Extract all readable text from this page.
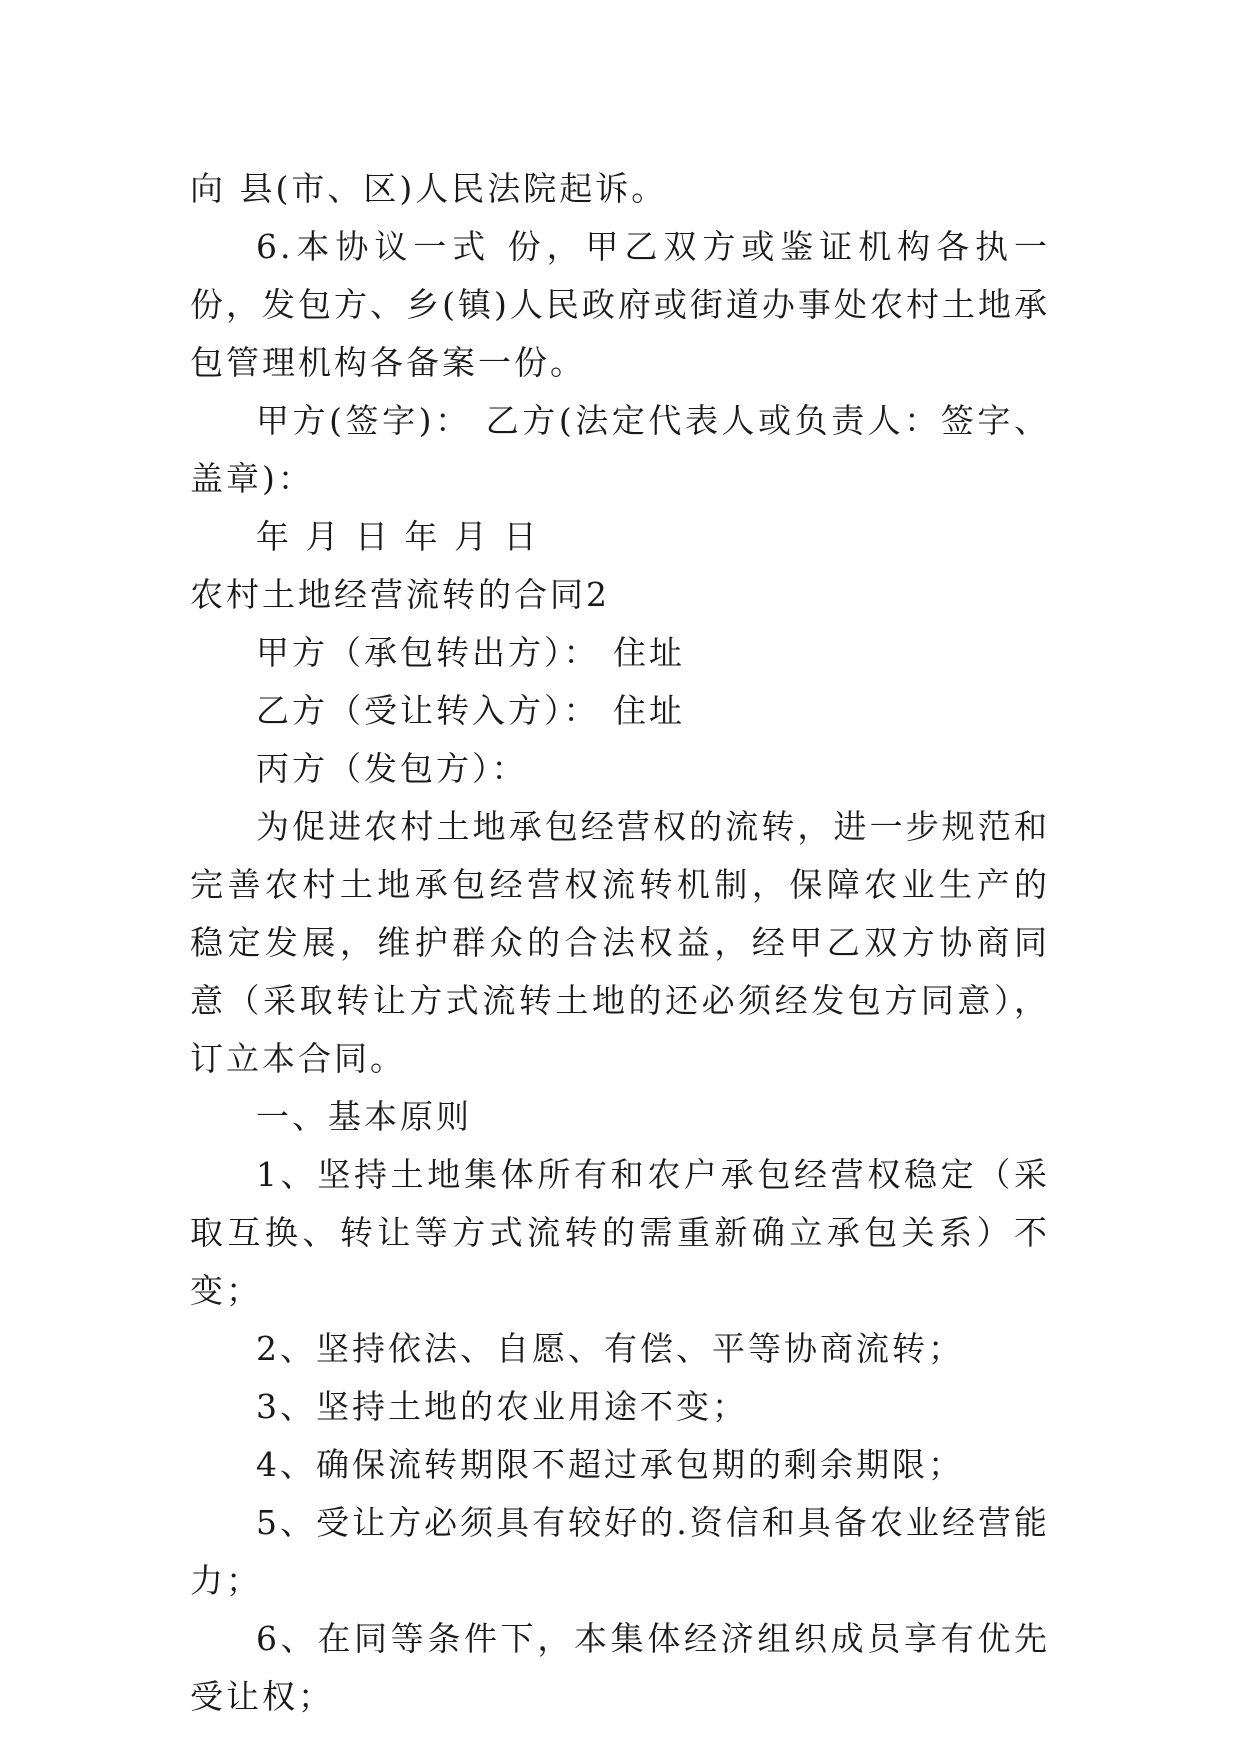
向 县(市、区)人民法院起诉。

6.本协议一式 份，甲乙双方或鉴证机构各执一份，发包方、乡(镇)人民政府或街道办事处农村土地承包管理机构各备案一份。

甲方(签字)： 乙方(法定代表人或负责人：签字、盖章)：

年 月 日 年 月 日

农村土地经营流转的合同2

甲方（承包转出方）： 住址

乙方（受让转入方）： 住址

丙方（发包方）：

为促进农村土地承包经营权的流转，进一步规范和完善农村土地承包经营权流转机制，保障农业生产的稳定发展，维护群众的合法权益，经甲乙双方协商同意（采取转让方式流转土地的还必须经发包方同意），订立本合同。

一、基本原则

1、坚持土地集体所有和农户承包经营权稳定（采取互换、转让等方式流转的需重新确立承包关系）不变；

2、坚持依法、自愿、有偿、平等协商流转；

3、坚持土地的农业用途不变；

4、确保流转期限不超过承包期的剩余期限；

5、受让方必须具有较好的.资信和具备农业经营能力；

6、在同等条件下，本集体经济组织成员享有优先受让权；
